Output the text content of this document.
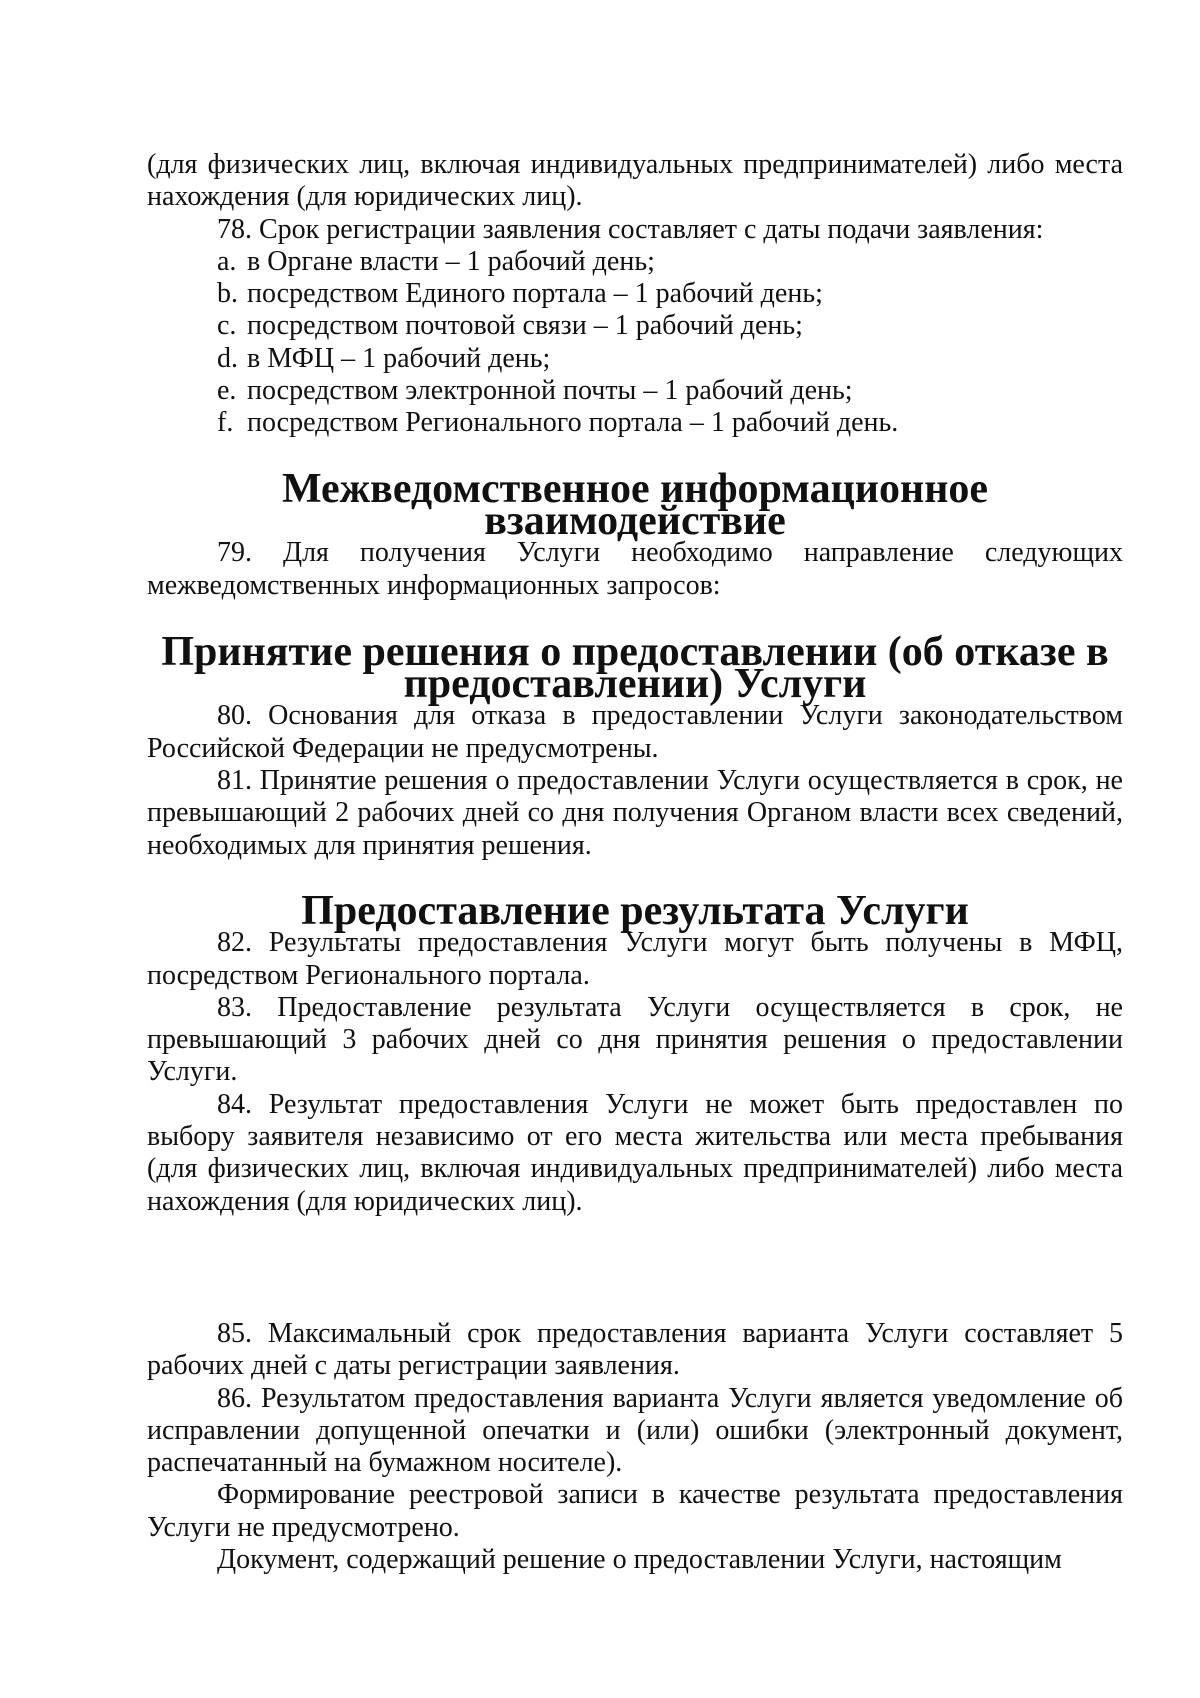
(для физических лиц, включая индивидуальных предпринимателей) либо места нахождения (для юридических лиц).

78. Срок регистрации заявления составляет с даты подачи заявления:

a. в Органе власти – 1 рабочий день;
b. посредством Единого портала – 1 рабочий день;
c. посредством почтовой связи – 1 рабочий день;
d. в МФЦ – 1 рабочий день;
e. посредством электронной почты – 1 рабочий день;
f. посредством Регионального портала – 1 рабочий день.
Межведомственное информационное взаимодействие

79. Для получения Услуги необходимо направление следующих межведомственных информационных запросов:

Принятие решения о предоставлении (об отказе в предоставлении) Услуги

80. Основания для отказа в предоставлении Услуги законодательством Российской Федерации не предусмотрены.

81. Принятие решения о предоставлении Услуги осуществляется в срок, не превышающий 2 рабочих дней со дня получения Органом власти всех сведений, необходимых для принятия решения.

Предоставление результата Услуги

82. Результаты предоставления Услуги могут быть получены в МФЦ, посредством Регионального портала.

83. Предоставление результата Услуги осуществляется в срок, не превышающий 3 рабочих дней со дня принятия решения о предоставлении Услуги.

84. Результат предоставления Услуги не может быть предоставлен по выбору заявителя независимо от его места жительства или места пребывания (для физических лиц, включая индивидуальных предпринимателей) либо места нахождения (для юридических лиц).

85. Максимальный срок предоставления варианта Услуги составляет 5 рабочих дней с даты регистрации заявления.

86. Результатом предоставления варианта Услуги является уведомление об исправлении допущенной опечатки и (или) ошибки (электронный документ, распечатанный на бумажном носителе).

Формирование реестровой записи в качестве результата предоставления Услуги не предусмотрено.

Документ, содержащий решение о предоставлении Услуги, настоящим
